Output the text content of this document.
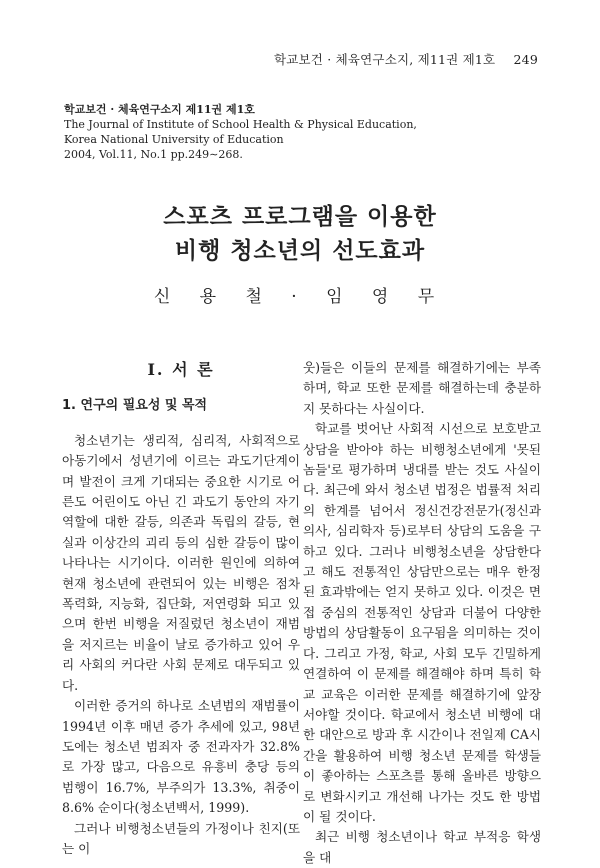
학교보건 · 체육연구소지, 제11권 제1호 249
학교보건 · 체육연구소지 제11권 제1호
The Journal of Institute of School Health & Physical Education,
Korea National University of Education
2004, Vol.11, No.1 pp.249∼268.
스포츠 프로그램을 이용한
비행 청소년의 선도효과
신 용 철 · 임 영 무
Ⅰ. 서 론
1. 연구의 필요성 및 목적

청소년기는 생리적, 심리적, 사회적으로 아동기에서 성년기에 이르는 과도기단계이며 발전이 크게 기대되는 중요한 시기로 어른도 어린이도 아닌 긴 과도기 동안의 자기역할에 대한 갈등, 의존과 독립의 갈등, 현실과 이상간의 괴리 등의 심한 갈등이 많이 나타나는 시기이다. 이러한 원인에 의하여 현재 청소년에 관련되어 있는 비행은 점차 폭력화, 지능화, 집단화, 저연령화 되고 있으며 한번 비행을 저질렀던 청소년이 재범을 저지르는 비율이 날로 증가하고 있어 우리 사회의 커다란 사회 문제로 대두되고 있다.

이러한 증거의 하나로 소년범의 재범률이 1994년 이후 매년 증가 추세에 있고, 98년도에는 청소년 범죄자 중 전과자가 32.8%로 가장 많고, 다음으로 유흥비 충당 등의 범행이 16.7%, 부주의가 13.3%, 취중이 8.6% 순이다(청소년백서, 1999).

그러나 비행청소년들의 가정이나 친지(또는 이

웃)들은 이들의 문제를 해결하기에는 부족하며, 학교 또한 문제를 해결하는데 충분하지 못하다는 사실이다.

학교를 벗어난 사회적 시선으로 보호받고 상담을 받아야 하는 비행청소년에게 '못된 놈들'로 평가하며 냉대를 받는 것도 사실이다. 최근에 와서 청소년 법정은 법률적 처리의 한계를 넘어서 정신건강전문가(정신과 의사, 심리학자 등)로부터 상담의 도움을 구하고 있다. 그러나 비행청소년을 상담한다고 해도 전통적인 상담만으로는 매우 한정된 효과밖에는 얻지 못하고 있다. 이것은 면접 중심의 전통적인 상담과 더불어 다양한 방법의 상담활동이 요구됨을 의미하는 것이다. 그리고 가정, 학교, 사회 모두 긴밀하게 연결하여 이 문제를 해결해야 하며 특히 학교 교육은 이러한 문제를 해결하기에 앞장 서야할 것이다. 학교에서 청소년 비행에 대한 대안으로 방과 후 시간이나 전일제 CA시간을 활용하여 비행 청소년 문제를 학생들이 좋아하는 스포츠를 통해 올바른 방향으로 변화시키고 개선해 나가는 것도 한 방법이 될 것이다.

최근 비행 청소년이나 학교 부적응 학생을 대
